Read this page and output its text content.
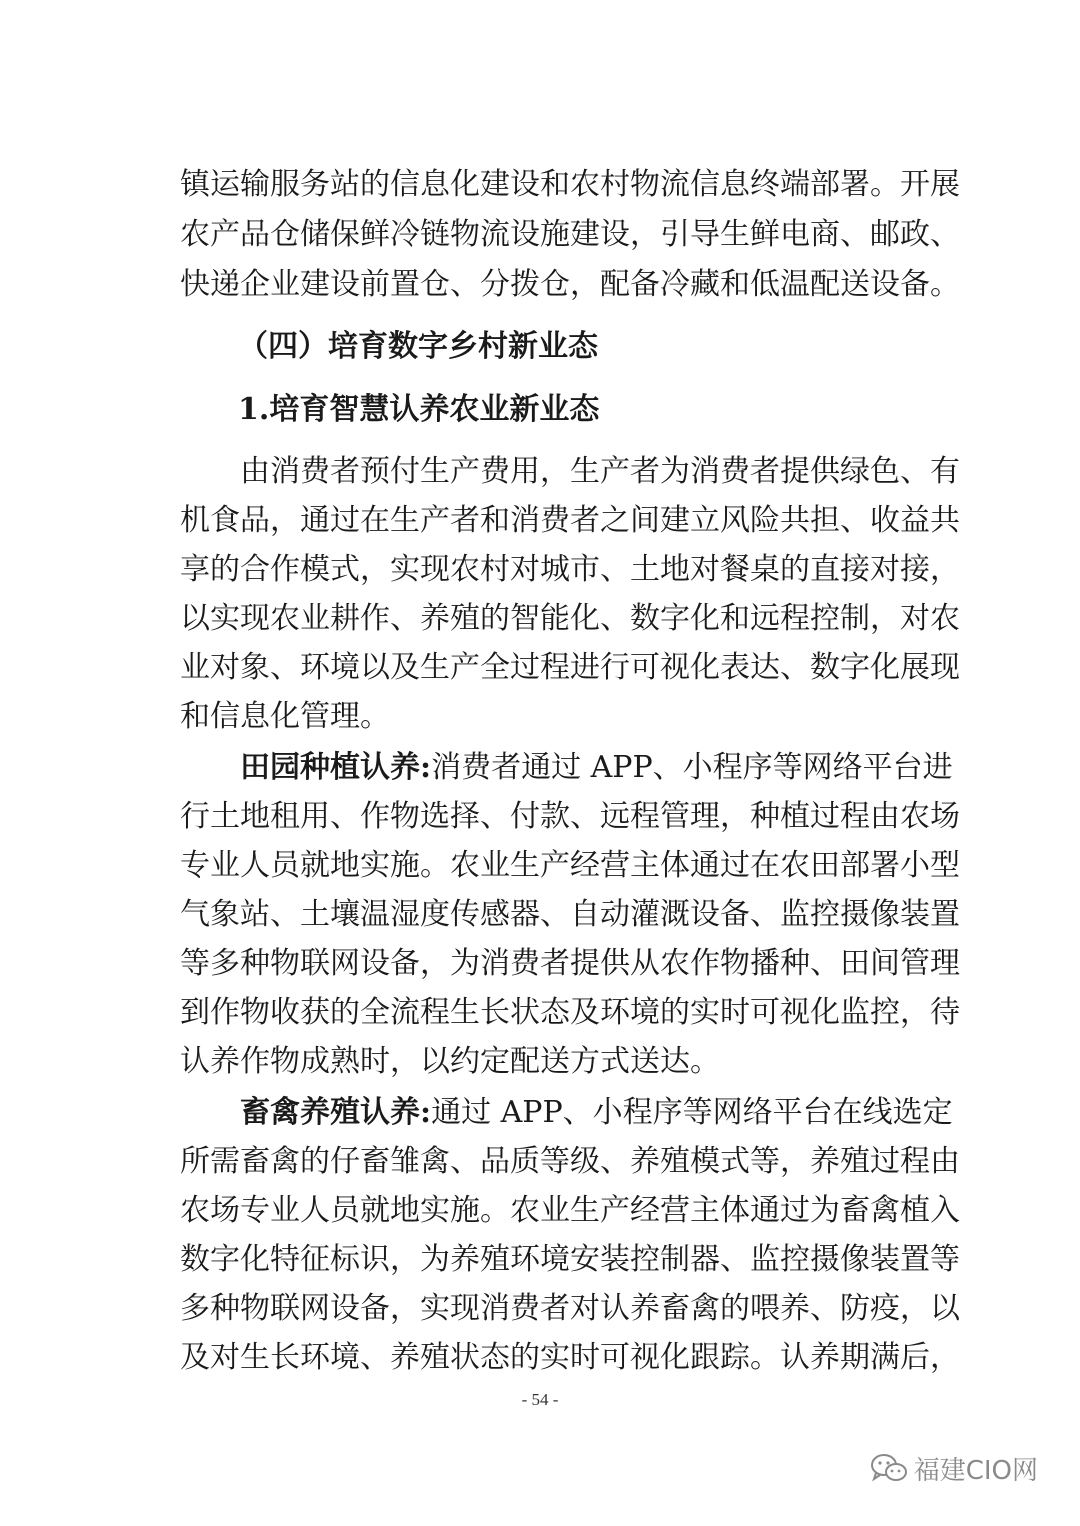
镇运输服务站的信息化建设和农村物流信息终端部署。开展
农产品仓储保鲜冷链物流设施建设，引导生鲜电商、邮政、
快递企业建设前置仓、分拨仓，配备冷藏和低温配送设备。
（四）培育数字乡村新业态
1.培育智慧认养农业新业态
由消费者预付生产费用，生产者为消费者提供绿色、有
机食品，通过在生产者和消费者之间建立风险共担、收益共
享的合作模式，实现农村对城市、土地对餐桌的直接对接，
以实现农业耕作、养殖的智能化、数字化和远程控制，对农
业对象、环境以及生产全过程进行可视化表达、数字化展现
和信息化管理。
田园种植认养:消费者通过 APP、小程序等网络平台进
行土地租用、作物选择、付款、远程管理，种植过程由农场
专业人员就地实施。农业生产经营主体通过在农田部署小型
气象站、土壤温湿度传感器、自动灌溉设备、监控摄像装置
等多种物联网设备，为消费者提供从农作物播种、田间管理
到作物收获的全流程生长状态及环境的实时可视化监控，待
认养作物成熟时，以约定配送方式送达。
畜禽养殖认养:通过 APP、小程序等网络平台在线选定
所需畜禽的仔畜雏禽、品质等级、养殖模式等，养殖过程由
农场专业人员就地实施。农业生产经营主体通过为畜禽植入
数字化特征标识，为养殖环境安装控制器、监控摄像装置等
多种物联网设备，实现消费者对认养畜禽的喂养、防疫，以
及对生长环境、养殖状态的实时可视化跟踪。认养期满后，
- 54 -
福建CIO网
